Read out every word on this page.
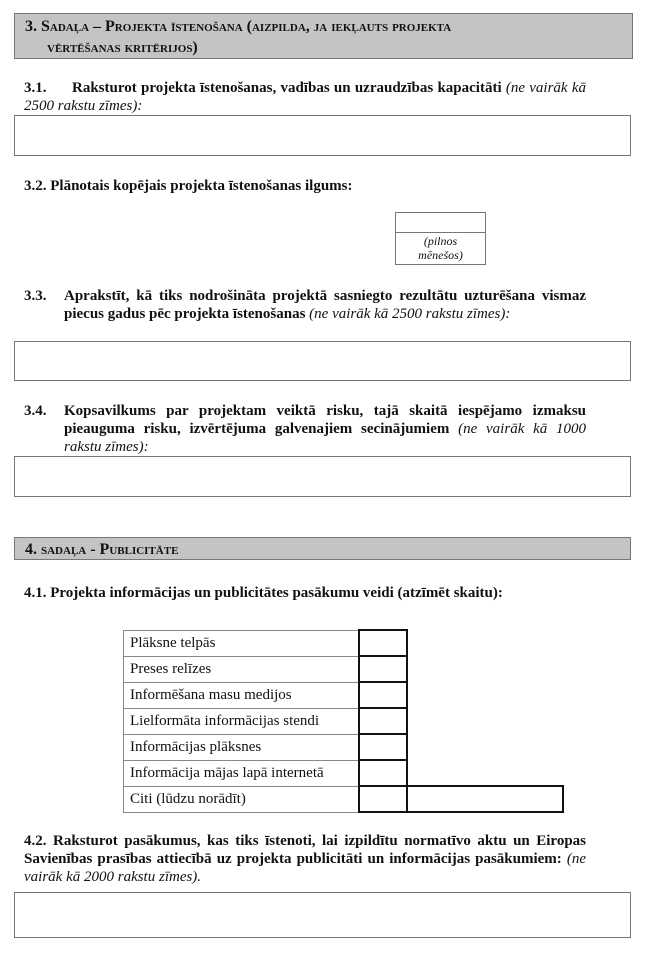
3. Sadaļa – Projekta īstenošana (aizpilda, ja iekļauts projekta
vērtēšanas kritērijos)
3.1. Raksturot projekta īstenošanas, vadības un uzraudzības kapacitāti (ne vairāk kā 2500 rakstu zīmes):
3.2. Plānotais kopējais projekta īstenošanas ilgums:
(pilnos
mēnešos)
3.3. Aprakstīt, kā tiks nodrošināta projektā sasniegto rezultātu uzturēšana vismaz piecus gadus pēc projekta īstenošanas (ne vairāk kā 2500 rakstu zīmes):
3.4. Kopsavilkums par projektam veiktā risku, tajā skaitā iespējamo izmaksu pieauguma risku, izvērtējuma galvenajiem secinājumiem (ne vairāk kā 1000 rakstu zīmes):
4. sadaļa - Publicitāte
4.1. Projekta informācijas un publicitātes pasākumu veidi (atzīmēt skaitu):
Plāksne telpās		
Preses relīzes		
Informēšana masu medijos		
Lielformāta informācijas stendi		
Informācijas plāksnes		
Informācija mājas lapā internetā		
Citi (lūdzu norādīt)		
4.2. Raksturot pasākumus, kas tiks īstenoti, lai izpildītu normatīvo aktu un Eiropas Savienības prasības attiecībā uz projekta publicitāti un informācijas pasākumiem: (ne vairāk kā 2000 rakstu zīmes).
